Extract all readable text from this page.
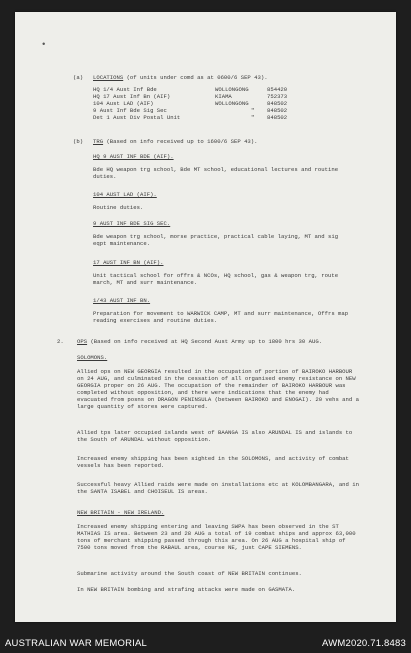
•
(a) LOCATIONS (of units under comd as at 0600/6 SEP 43).
HQ 1/4 Aust Inf Bde	WOLLONGONG	854420
HQ 17 Aust Inf Bn (AIF)	KIAMA	752373
104 Aust LAD (AIF)	WOLLONGONG	848502
9 Aust Inf Bde Sig Sec	" 848502
Det 1 Aust Div Postal Unit	" 848502
(b) TRG (Based on info received up to 1600/6 SEP 43).
HQ 9 AUST INF BDE (AIF).
Bde HQ weapon trg school, Bde MT school, educational lectures and routine duties.
104 AUST LAD (AIF).
Routine duties.
9 AUST INF BDE SIG SEC.
Bde weapon trg school, morse practice, practical cable laying, MT and sig eqpt maintenance.
17 AUST INF BN (AIF).
Unit tactical school for offrs & NCOs, HQ school, gas & weapon trg, route march, MT and surr maintenance.
1/43 AUST INF BN.
Preparation for movement to WARWICK CAMP, MT and surr maintenance, Offrs map reading exercises and routine duties.
2. OPS (Based on info received at HQ Second Aust Army up to 1800 hrs 30 AUG.
SOLOMONS.
Allied ops on NEW GEORGIA resulted in the occupation of portion of BAIROKO HARBOUR on 24 AUG, and culminated in the cessation of all organised enemy resistance on NEW GEORGIA proper on 26 AUG. The occupation of the remainder of BAIROKO HARBOUR was completed without opposition, and there were indications that the enemy had evacuated from posns on DRAGON PENINSULA (between BAIROKO and ENOGAI). 20 vehs and a large quantity of stores were captured.
Allied tps later occupied islands west of BAANGA IS also ARUNDAL IS and islands to the South of ARUNDAL without opposition.
Increased enemy shipping has been sighted in the SOLOMONS, and activity of combat vessels has been reported.
Successful heavy Allied raids were made on installations etc at KOLOMBANGARA, and in the SANTA ISABEL and CHOISEUL IS areas.
NEW BRITAIN - NEW IRELAND.
Increased enemy shipping entering and leaving SWPA has been observed in the ST MATHIAS IS area. Between 23 and 28 AUG a total of 19 combat ships and approx 63,000 tons of merchant shipping passed through this area. On 26 AUG a hospital ship of 7500 tons moved from the RABAUL area, course NE, just CAPE SIEMENS.
Submarine activity around the South coast of NEW BRITAIN continues.
In NEW BRITAIN bombing and strafing attacks were made on GASMATA.
AUSTRALIAN WAR MEMORIAL	AWM2020.71.8483
